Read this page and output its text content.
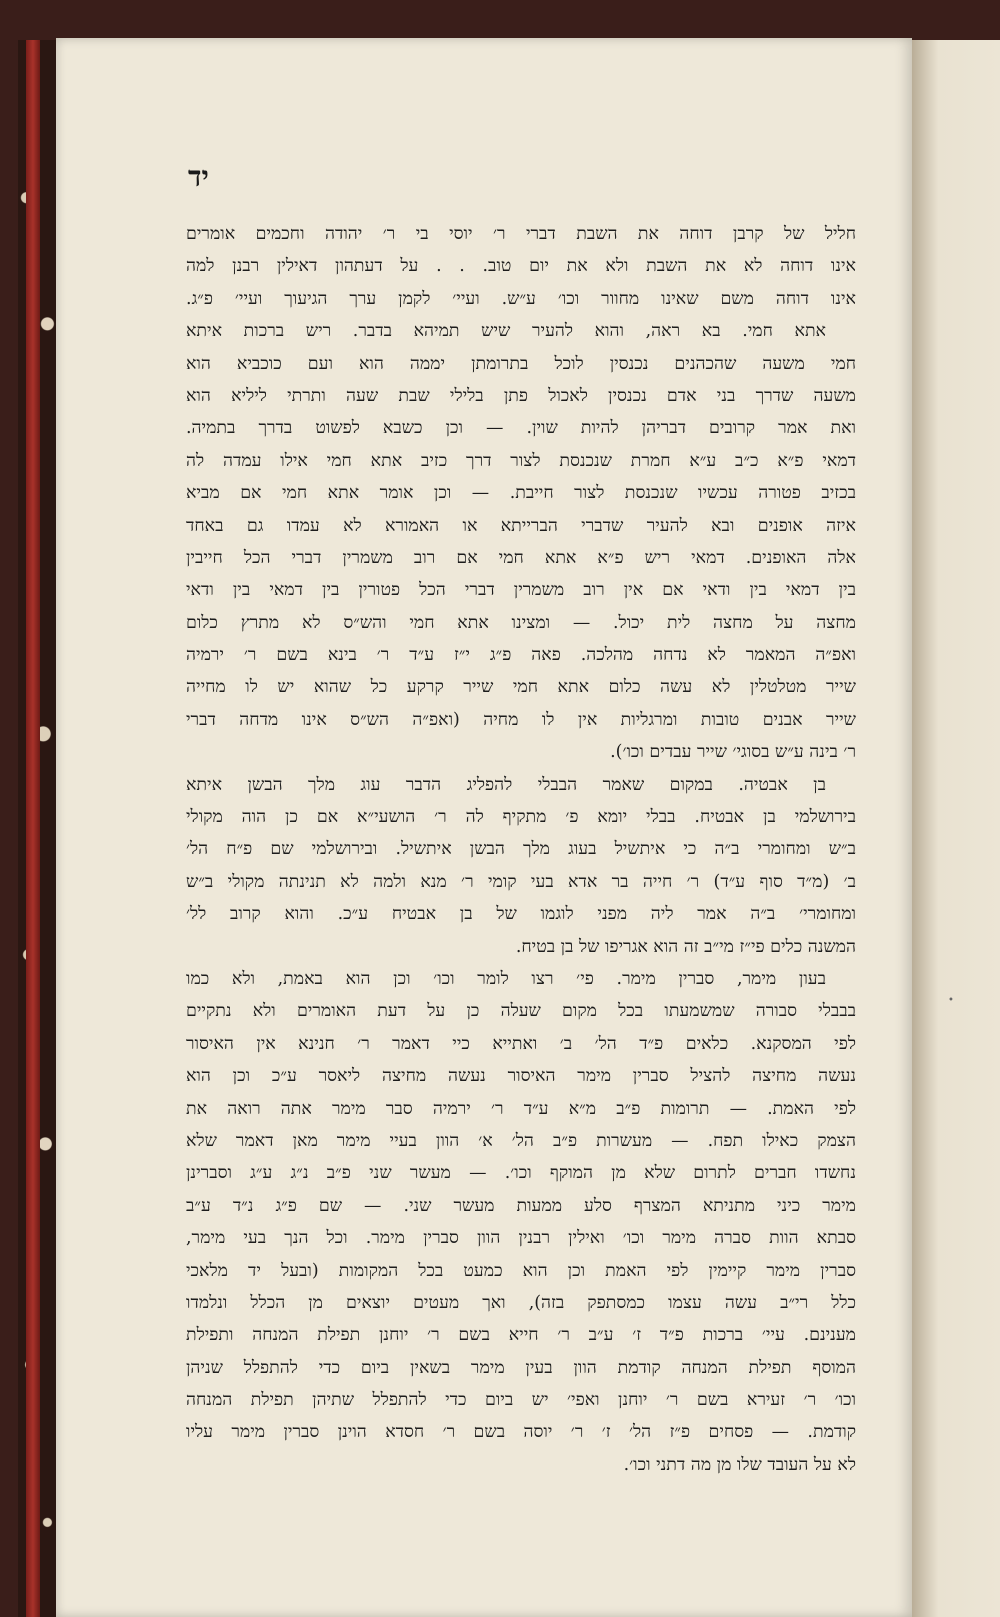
יד
חליל של קרבן דוחה את השבת דברי ר׳ יוסי בי ר׳ יהודה וחכמים אומרים
אינו דוחה לא את השבת ולא את יום טוב. . . על דעתהון דאילין רבנן למה
אינו דוחה משם שאינו מחוור וכו׳ ע״ש. ועיי׳ לקמן ערך הגיעוך ועיי׳ פ״ג.
אתא חמי. בא ראה, והוא להעיר שיש תמיהא בדבר. ריש ברכות איתא
חמי משעה שהכהנים נכנסין לוכל בתרומתן יממה הוא ועם כוכביא הוא
משעה שדרך בני אדם נכנסין לאכול פתן בלילי שבת שעה ותרתי ליליא הוא
ואת אמר קרובים דבריהן להיות שוין. — וכן כשבא לפשוט בדרך בתמיה.
דמאי פ״א כ״ב ע״א חמרת שנכנסת לצור דרך כזיב אתא חמי אילו עמדה לה
בכזיב פטורה עכשיו שנכנסת לצור חייבת. — וכן אומר אתא חמי אם מביא
איזה אופנים ובא להעיר שדברי הברייתא או האמורא לא עמדו גם באחד
אלה האופנים. דמאי ריש פ״א אתא חמי אם רוב משמרין דברי הכל חייבין
בין דמאי בין ודאי אם אין רוב משמרין דברי הכל פטורין בין דמאי בין ודאי
מחצה על מחצה לית יכול. — ומצינו אתא חמי והש״ס לא מתרץ כלום
ואפ״ה המאמר לא נדחה מהלכה. פאה פ״ג י״ז ע״ד ר׳ בינא בשם ר׳ ירמיה
שייר מטלטלין לא עשה כלום אתא חמי שייר קרקע כל שהוא יש לו מחייה
שייר אבנים טובות ומרגליות אין לו מחיה (ואפ״ה הש״ס אינו מדחה דברי
ר׳ בינה ע״ש בסוגי׳ שייר עבדים וכו׳).
בן אבטיה. במקום שאמר הבבלי להפליג הדבר עוג מלך הבשן איתא
בירושלמי בן אבטיח. בבלי יומא פ׳ מתקיף לה ר׳ הושעי״א אם כן הוה מקולי
ב״ש ומחומרי ב״ה כי איתשיל בעוג מלך הבשן איתשיל. ובירושלמי שם פ״ח הל׳
ב׳ (מ״ד סוף ע״ד) ר׳ חייה בר אדא בעי קומי ר׳ מנא ולמה לא תנינתה מקולי ב״ש
ומחומרי׳ ב״ה אמר ליה מפני לוגמו של בן אבטיח ע״כ. והוא קרוב לל׳
המשנה כלים פי״ז מי״ב זה הוא אגריפו של בן בטיח.
בעון מימר, סברין מימר. פי׳ רצו לומר וכו׳ וכן הוא באמת, ולא כמו
בבבלי סבורה שמשמעתו בכל מקום שעלה כן על דעת האומרים ולא נתקיים
לפי המסקנא. כלאים פ״ד הל׳ ב׳ ואתייא כיי דאמר ר׳ חנינא אין האיסור
נעשה מחיצה להציל סברין מימר האיסור נעשה מחיצה ליאסר ע״כ וכן הוא
לפי האמת. — תרומות פ״ב מ״א ע״ד ר׳ ירמיה סבר מימר אתה רואה את
הצמק כאילו תפח. — מעשרות פ״ב הל׳ א׳ הוון בעיי מימר מאן דאמר שלא
נחשדו חברים לתרום שלא מן המוקף וכו׳. — מעשר שני פ״ב נ״ג ע״ג וסברינן
מימר כיני מתניתא המצרף סלע ממעות מעשר שני. — שם פ״ג נ״ד ע״ב
סבתא הוות סברה מימר וכו׳ ואילין רבנין הוון סברין מימר. וכל הנך בעי מימר,
סברין מימר קיימין לפי האמת וכן הוא כמעט בכל המקומות (ובעל יד מלאכי
כלל רי״ב עשה עצמו כמסתפק בזה), ואך מעטים יוצאים מן הכלל ונלמדו
מענינם. עיי׳ ברכות פ״ד ז׳ ע״ב ר׳ חייא בשם ר׳ יוחנן תפילת המנחה ותפילת
המוסף תפילת המנחה קודמת הוון בעין מימר בשאין ביום כדי להתפלל שניהן
וכו׳ ר׳ זעירא בשם ר׳ יוחנן ואפי׳ יש ביום כדי להתפלל שתיהן תפילת המנחה
קודמת. — פסחים פ״ז הל׳ ז׳ ר׳ יוסה בשם ר׳ חסדא הוינן סברין מימר עליו
לא על העובד שלו מן מה דתני וכו׳.
•
